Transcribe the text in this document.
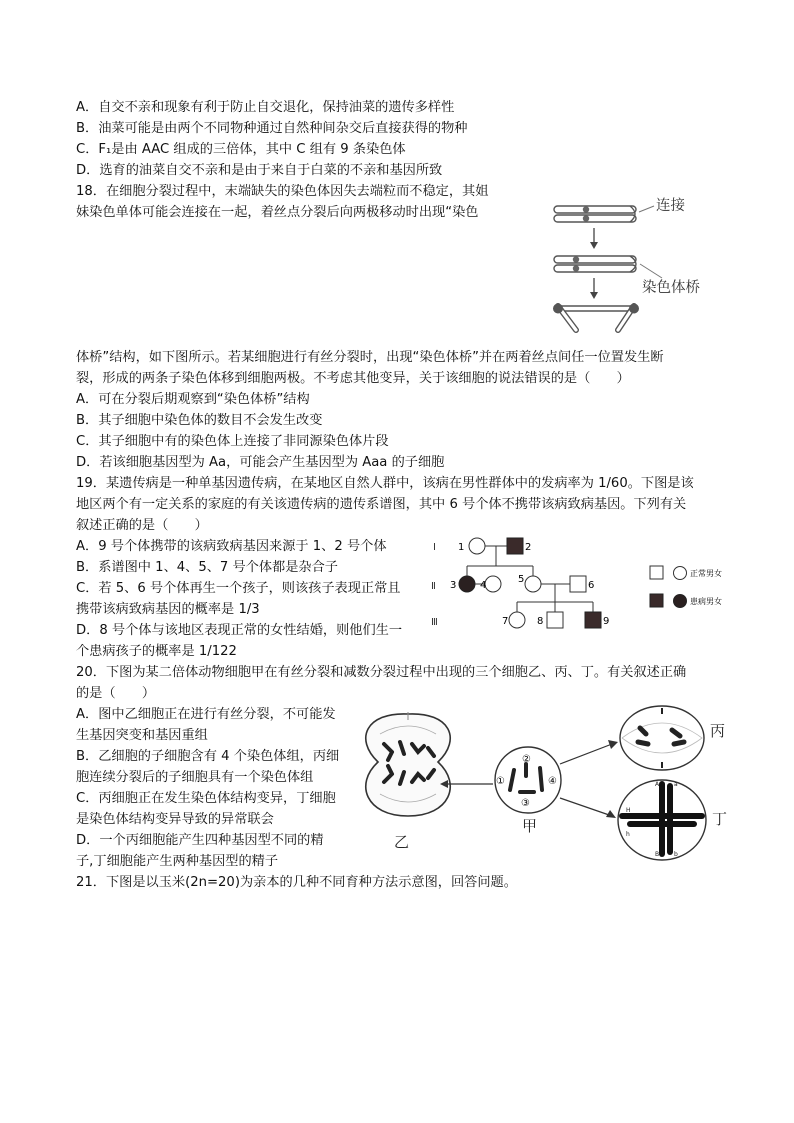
A．自交不亲和现象有利于防止自交退化，保持油菜的遗传多样性
B．油菜可能是由两个不同物种通过自然种间杂交后直接获得的物种
C．F₁是由 AAC 组成的三倍体，其中 C 组有 9 条染色体
D．选育的油菜自交不亲和是由于来自于白菜的不亲和基因所致
18．在细胞分裂过程中，末端缺失的染色体因失去端粒而不稳定，其姐
妹染色单体可能会连接在一起，着丝点分裂后向两极移动时出现“染色	连接
染色体桥
体桥”结构，如下图所示。若某细胞进行有丝分裂时，出现“染色体桥”并在两着丝点间任一位置发生断
裂，形成的两条子染色体移到细胞两极。不考虑其他变异，关于该细胞的说法错误的是（　　）
A．可在分裂后期观察到“染色体桥”结构
B．其子细胞中染色体的数目不会发生改变
C．其子细胞中有的染色体上连接了非同源染色体片段
D．若该细胞基因型为 Aa，可能会产生基因型为 Aaa 的子细胞
19．某遗传病是一种单基因遗传病，在某地区自然人群中，该病在男性群体中的发病率为 1/60。下图是该
地区两个有一定关系的家庭的有关该遗传病的遗传系谱图，其中 6 号个体不携带该病致病基因。下列有关
叙述正确的是（　　）
A．9 号个体携带的该病致病基因来源于 1、2 号个体
B．系谱图中 1、4、5、7 号个体都是杂合子
C．若 5、6 号个体再生一个孩子，则该孩子表现正常且
携带该病致病基因的概率是 1/3
D．8 号个体与该地区表现正常的女性结婚，则他们生一
个患病孩子的概率是 1/122
Ⅰ
Ⅱ
Ⅲ
1	2
3 4
5
6
7	8	9
正常男女
患病男女
20．下图为某二倍体动物细胞甲在有丝分裂和减数分裂过程中出现的三个细胞乙、丙、丁。有关叙述正确
的是（　　）
A．图中乙细胞正在进行有丝分裂，不可能发
生基因突变和基因重组
B．乙细胞的子细胞含有 4 个染色体组，丙细
胞连续分裂后的子细胞具有一个染色体组
C．丙细胞正在发生染色体结构变异，丁细胞
是染色体结构变异导致的异常联会
D．一个丙细胞能产生四种基因型不同的精
子,丁细胞能产生两种基因型的精子
乙
①
②
③
④
甲
丙
A
H
h
a
B b
丁
21．下图是以玉米(2n=20)为亲本的几种不同育种方法示意图，回答问题。
